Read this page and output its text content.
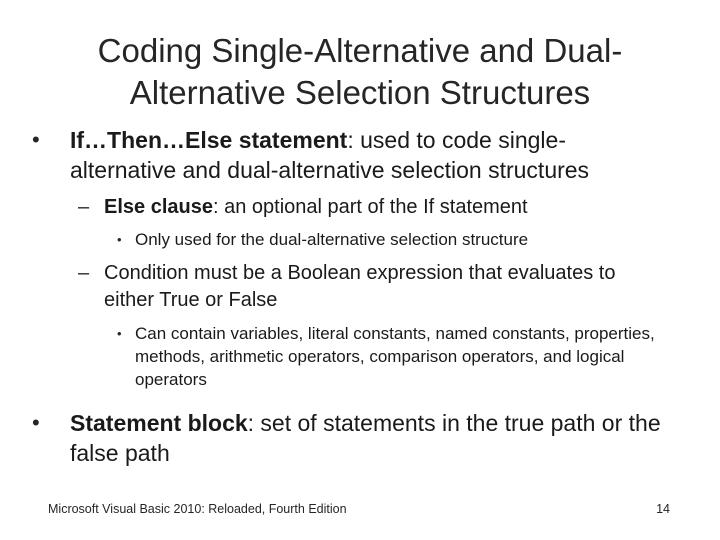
Coding Single-Alternative and Dual-
Alternative Selection Structures
•	If…Then…Else statement: used to code single-alternative and dual-alternative selection structures
– Else clause: an optional part of the If statement
• Only used for the dual-alternative selection structure
– Condition must be a Boolean expression that evaluates to either True or False
• Can contain variables, literal constants, named constants, properties, methods, arithmetic operators, comparison operators, and logical operators
•	Statement block: set of statements in the true path or the false path
Microsoft Visual Basic 2010: Reloaded, Fourth Edition	14
